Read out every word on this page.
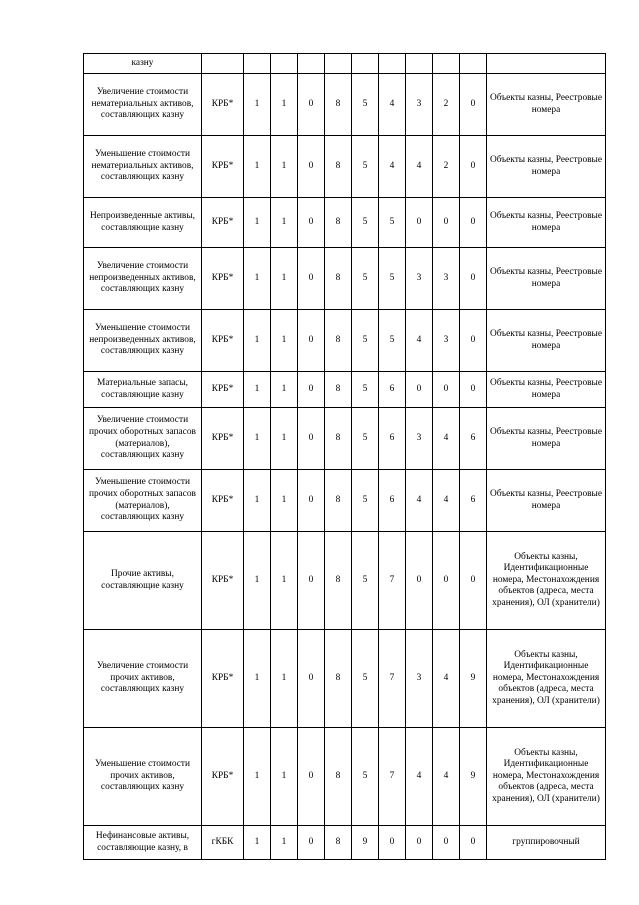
казну											
Увеличение стоимости нематериальных активов, составляющих казну	КРБ*	1	1	0	8	5	4	3	2	0	Объекты казны, Реестровые номера
Уменьшение стоимости нематериальных активов, составляющих казну	КРБ*	1	1	0	8	5	4	4	2	0	Объекты казны, Реестровые номера
Непроизведенные активы, составляющие казну	КРБ*	1	1	0	8	5	5	0	0	0	Объекты казны, Реестровые номера
Увеличение стоимости непроизведенных активов, составляющих казну	КРБ*	1	1	0	8	5	5	3	3	0	Объекты казны, Реестровые номера
Уменьшение стоимости непроизведенных активов, составляющих казну	КРБ*	1	1	0	8	5	5	4	3	0	Объекты казны, Реестровые номера
Материальные запасы, составляющие казну	КРБ*	1	1	0	8	5	6	0	0	0	Объекты казны, Реестровые номера
Увеличение стоимости прочих оборотных запасов (материалов), составляющих казну	КРБ*	1	1	0	8	5	6	3	4	6	Объекты казны, Реестровые номера
Уменьшение стоимости прочих оборотных запасов (материалов), составляющих казну	КРБ*	1	1	0	8	5	6	4	4	6	Объекты казны, Реестровые номера
Прочие активы, составляющие казну	КРБ*	1	1	0	8	5	7	0	0	0	Объекты казны, Идентификационные номера, Местонахождения объектов (адреса, места хранения), ОЛ (хранители)
Увеличение стоимости прочих активов, составляющих казну	КРБ*	1	1	0	8	5	7	3	4	9	Объекты казны, Идентификационные номера, Местонахождения объектов (адреса, места хранения), ОЛ (хранители)
Уменьшение стоимости прочих активов, составляющих казну	КРБ*	1	1	0	8	5	7	4	4	9	Объекты казны, Идентификационные номера, Местонахождения объектов (адреса, места хранения), ОЛ (хранители)
Нефинансовые активы, составляющие казну, в	гКБК	1	1	0	8	9	0	0	0	0	группировочный
